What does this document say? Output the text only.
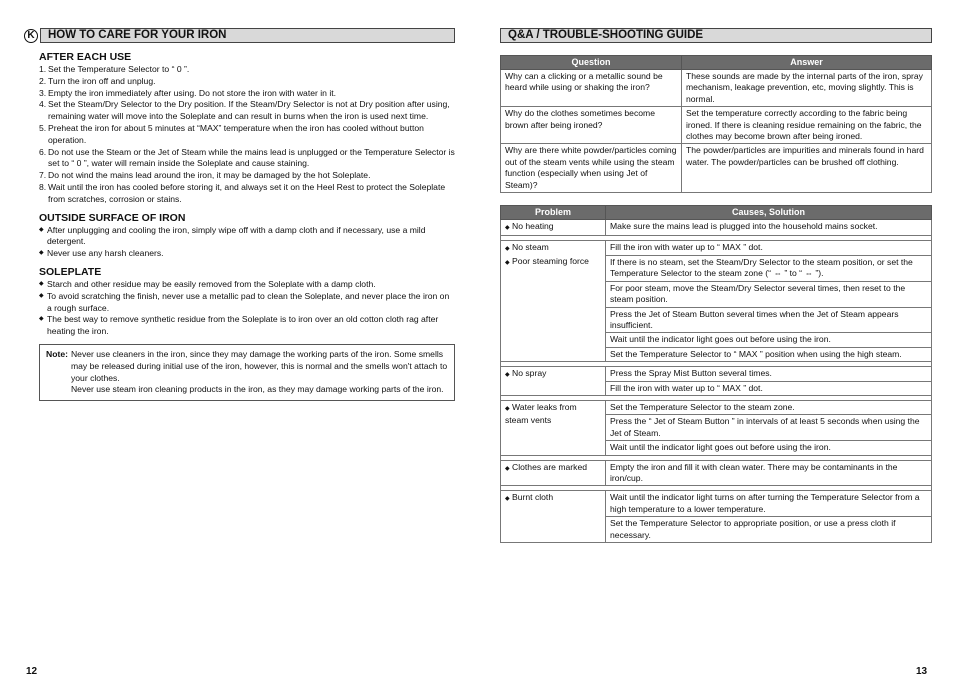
K	HOW TO CARE FOR YOUR IRON
AFTER EACH USE
1. Set the Temperature Selector to “ 0 ”.
2. Turn the iron off and unplug.
3. Empty the iron immediately after using. Do not store the iron with water in it.
4. Set the Steam/Dry Selector to the Dry position. If the Steam/Dry Selector is not at Dry position after using, remaining water will move into the Soleplate and can result in burns when the iron is used next time.
5. Preheat the iron for about 5 minutes at “MAX” temperature when the iron has cooled without button operation.
6. Do not use the Steam or the Jet of Steam while the mains lead is unplugged or the Temperature Selector is set to “ 0 ”, water will remain inside the Soleplate and cause staining.
7. Do not wind the mains lead around the iron, it may be damaged by the hot Soleplate.
8. Wait until the iron has cooled before storing it, and always set it on the Heel Rest to protect the Soleplate from scratches, corrosion or stains.
OUTSIDE SURFACE OF IRON
◆ After unplugging and cooling the iron, simply wipe off with a damp cloth and if necessary, use a mild detergent.
◆ Never use any harsh cleaners.
SOLEPLATE
◆ Starch and other residue may be easily removed from the Soleplate with a damp cloth.
◆ To avoid scratching the finish, never use a metallic pad to clean the Soleplate, and never place the iron on a rough surface.
◆ The best way to remove synthetic residue from the Soleplate is to iron over an old cotton cloth rag after heating the iron.
Note: Never use cleaners in the iron, since they may damage the working parts of the iron. Some smells may be released during initial use of the iron, however, this is normal and the smells won't attach to your clothes.
Never use steam iron cleaning products in the iron, as they may damage working parts of the iron.
Q&A / TROUBLE-SHOOTING GUIDE
Question	Answer
Why can a clicking or a metallic sound be heard while using or shaking the iron?	These sounds are made by the internal parts of the iron, spray mechanism, leakage prevention, etc, moving slightly. This is normal.
Why do the clothes sometimes become brown after being ironed?	Set the temperature correctly according to the fabric being ironed. If there is cleaning residue remaining on the fabric, the clothes may become brown after being ironed.
Why are there white powder/particles coming out of the steam vents while using the steam function (especially when using Jet of Steam)?	The powder/particles are impurities and minerals found in hard water. The powder/particles can be brushed off clothing.
Problem	Causes, Solution
◆ No heating	Make sure the mains lead is plugged into the household mains socket.

◆ No steam
◆ Poor steaming force	Fill the iron with water up to “ MAX ” dot.
	If there is no steam, set the Steam/Dry Selector to the steam position, or set the Temperature Selector to the steam zone (“ ⇔ ” to “ ⇔ ”).
	For poor steam, move the Steam/Dry Selector several times, then reset to the steam position.
	Press the Jet of Steam Button several times when the Jet of Steam appears insufficient.
	Wait until the indicator light goes out before using the iron.
	Set the Temperature Selector to “ MAX ” position when using the high steam.

◆ No spray	Press the Spray Mist Button several times.
	Fill the iron with water up to “ MAX ” dot.

◆ Water leaks from steam vents	Set the Temperature Selector to the steam zone.
	Press the “ Jet of Steam Button ” in intervals of at least 5 seconds when using the Jet of Steam.
	Wait until the indicator light goes out before using the iron.

◆ Clothes are marked	Empty the iron and fill it with clean water. There may be contaminants in the iron/cup.

◆ Burnt cloth	Wait until the indicator light turns on after turning the Temperature Selector from a high temperature to a lower temperature.
	Set the Temperature Selector to appropriate position, or use a press cloth if necessary.
12	13
